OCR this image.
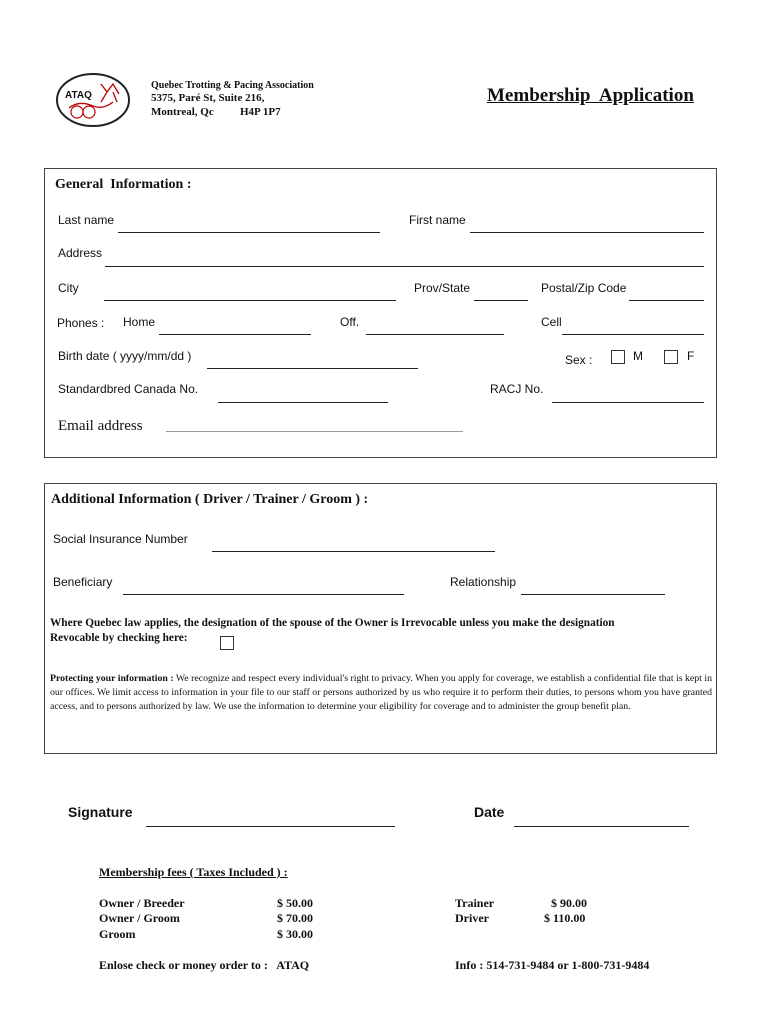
ATAQ
Quebec Trotting & Pacing Association
5375, Paré St, Suite 216,
Montreal, Qc H4P 1P7
Membership  Application
General  Information :
Last name	First name
Address
City	Prov/State	Postal/Zip Code
Phones : Home	Off.	Cell
Birth date ( yyyy/mm/dd )	Sex :	M	F
Standardbred Canada No.	RACJ No.
Email address ______________________________________________________
Additional Information ( Driver / Trainer / Groom ) :
Social Insurance Number
Beneficiary	Relationship
Where Quebec law applies, the designation of the spouse of the Owner is Irrevocable unless you make the designation
Revocable by checking here:
Protecting your information : We recognize and respect every individual's right to privacy. When you apply for coverage, we establish a confidential file that is kept in our offices. We limit access to information in your file to our staff or persons authorized by us who require it to perform their duties, to persons whom you have granted access, and to persons authorized by law. We use the information to determine your eligibility for coverage and to administer the group benefit plan.
Signature	Date
Membership fees ( Taxes Included ) :
Owner / Breeder	$ 50.00
Owner / Groom	$ 70.00
Groom	$ 30.00
Trainer	$ 90.00
Driver	$ 110.00
Enlose check or money order to :   ATAQ	Info : 514-731-9484 or 1-800-731-9484
